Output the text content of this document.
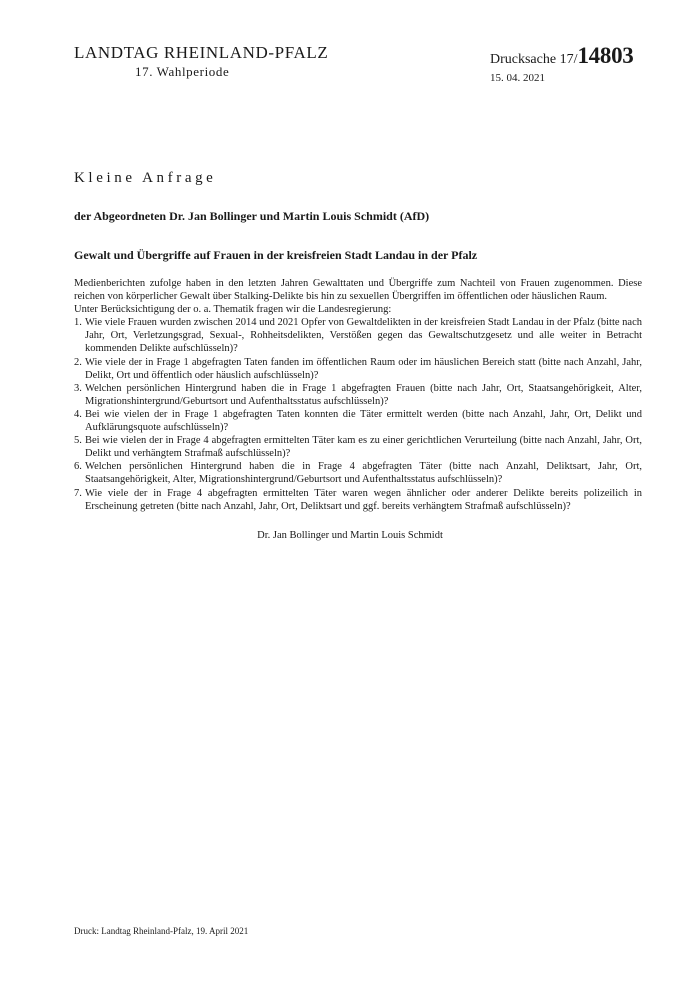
LANDTAG RHEINLAND-PFALZ
17. Wahlperiode
Drucksache 17/14803
15. 04. 2021
Kleine Anfrage
der Abgeordneten Dr. Jan Bollinger und Martin Louis Schmidt (AfD)
Gewalt und Übergriffe auf Frauen in der kreisfreien Stadt Landau in der Pfalz

Medienberichten zufolge haben in den letzten Jahren Gewalttaten und Übergriffe zum Nachteil von Frauen zugenommen. Diese reichen von körperlicher Gewalt über Stalking-Delikte bis hin zu sexuellen Übergriffen im öffentlichen oder häuslichen Raum.

Unter Berücksichtigung der o. a. Thematik fragen wir die Landesregierung:

1. Wie viele Frauen wurden zwischen 2014 und 2021 Opfer von Gewaltdelikten in der kreisfreien Stadt Landau in der Pfalz (bitte nach Jahr, Ort, Verletzungsgrad, Sexual-, Rohheitsdelikten, Verstößen gegen das Gewaltschutzgesetz und alle weiter in Betracht kommenden Delikte aufschlüsseln)?
2. Wie viele der in Frage 1 abgefragten Taten fanden im öffentlichen Raum oder im häuslichen Bereich statt (bitte nach Anzahl, Jahr, Delikt, Ort und öffentlich oder häuslich aufschlüsseln)?
3. Welchen persönlichen Hintergrund haben die in Frage 1 abgefragten Frauen (bitte nach Jahr, Ort, Staatsangehörigkeit, Alter, Migrationshintergrund/Geburtsort und Aufenthaltsstatus aufschlüsseln)?
4. Bei wie vielen der in Frage 1 abgefragten Taten konnten die Täter ermittelt werden (bitte nach Anzahl, Jahr, Ort, Delikt und Aufklärungsquote aufschlüsseln)?
5. Bei wie vielen der in Frage 4 abgefragten ermittelten Täter kam es zu einer gerichtlichen Verurteilung (bitte nach Anzahl, Jahr, Ort, Delikt und verhängtem Strafmaß aufschlüsseln)?
6. Welchen persönlichen Hintergrund haben die in Frage 4 abgefragten Täter (bitte nach Anzahl, Deliktsart, Jahr, Ort, Staatsangehörigkeit, Alter, Migrationshintergrund/Geburtsort und Aufenthaltsstatus aufschlüsseln)?
7. Wie viele der in Frage 4 abgefragten ermittelten Täter waren wegen ähnlicher oder anderer Delikte bereits polizeilich in Erscheinung getreten (bitte nach Anzahl, Jahr, Ort, Deliktsart und ggf. bereits verhängtem Strafmaß aufschlüsseln)?
Dr. Jan Bollinger und Martin Louis Schmidt
Druck: Landtag Rheinland-Pfalz, 19. April 2021
